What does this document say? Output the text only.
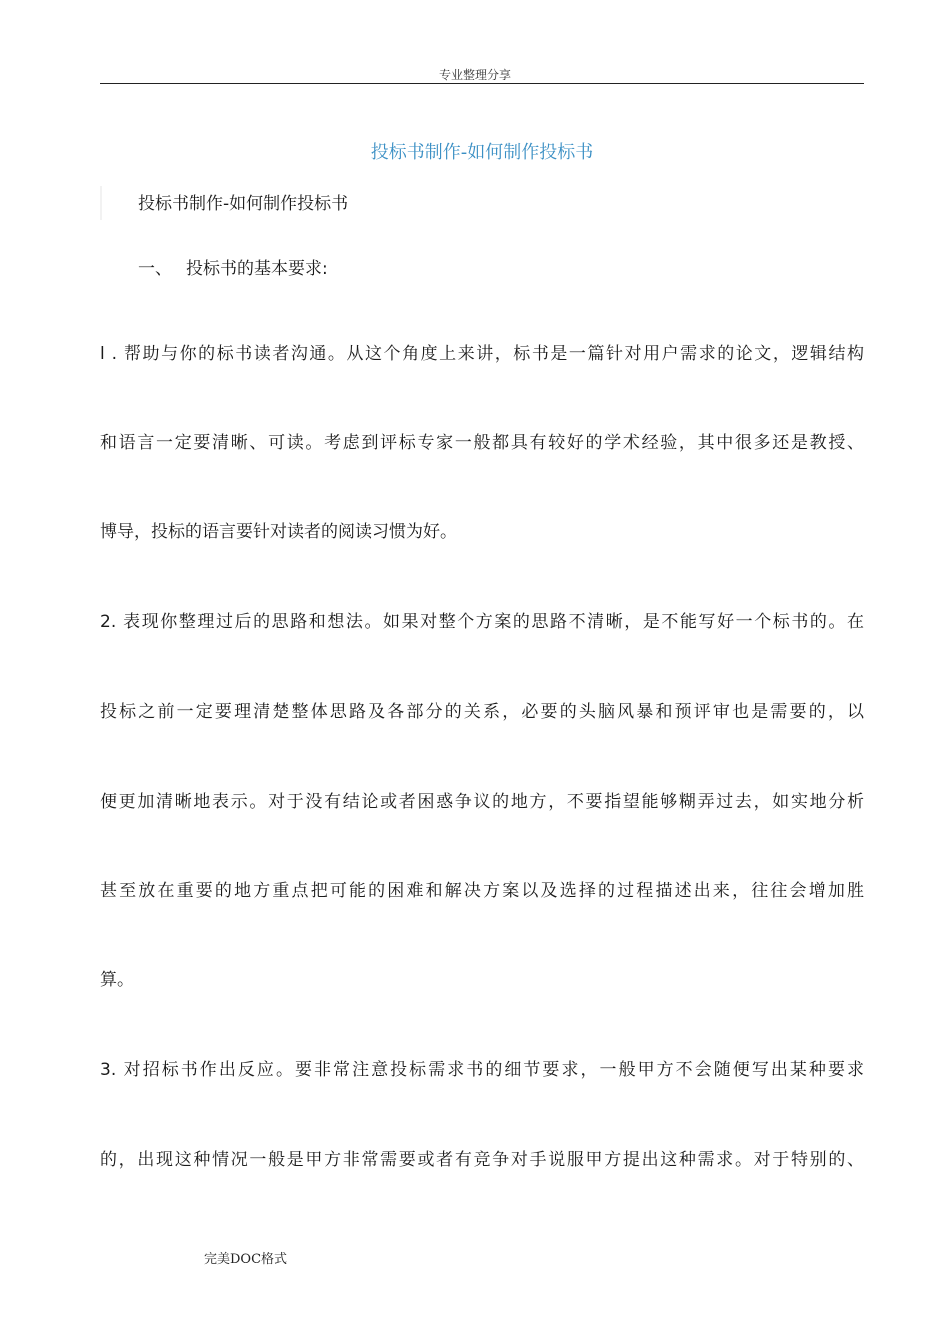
专业整理分享
投标书制作-如何制作投标书
投标书制作-如何制作投标书
一、 投标书的基本要求:
l . 帮助与你的标书读者沟通。从这个角度上来讲，标书是一篇针对用户需求的论文，逻辑结构
和语言一定要清晰、可读。考虑到评标专家一般都具有较好的学术经验，其中很多还是教授、
博导，投标的语言要针对读者的阅读习惯为好。
2. 表现你整理过后的思路和想法。如果对整个方案的思路不清晰，是不能写好一个标书的。在
投标之前一定要理清楚整体思路及各部分的关系，必要的头脑风暴和预评审也是需要的，以
便更加清晰地表示。对于没有结论或者困惑争议的地方，不要指望能够糊弄过去，如实地分析
甚至放在重要的地方重点把可能的困难和解决方案以及选择的过程描述出来，往往会增加胜
算。
3. 对招标书作出反应。要非常注意投标需求书的细节要求，一般甲方不会随便写出某种要求
的，出现这种情况一般是甲方非常需要或者有竞争对手说服甲方提出这种需求。对于特别的、
完美DOC格式
